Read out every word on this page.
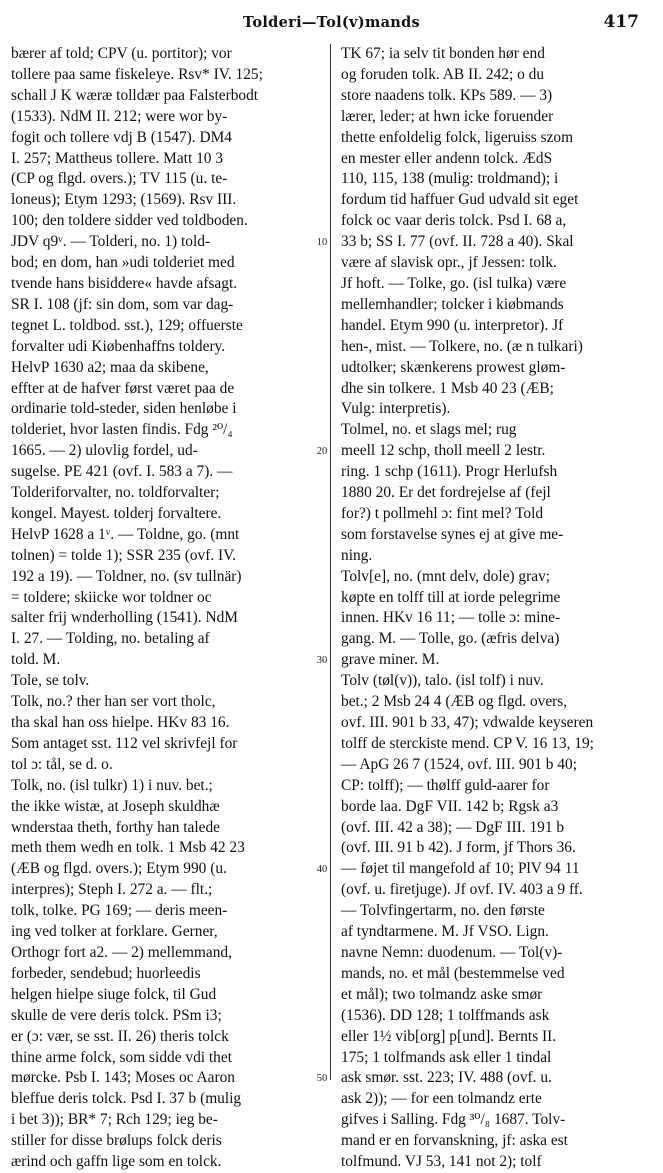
Tolderi—Tol(v)mands	417
bærer af told; CPV (u. portitor); vor
tollere paa same fiskeleye. Rsv* IV. 125;
schall J K wæræ tolldær paa Falsterbodt
(1533). NdM II. 212; were wor by-
fogit och tollere vdj B (1547). DM4
I. 257; Mattheus tollere. Matt 10 3
(CP og flgd. overs.); TV 115 (u. te-
loneus); Etym 1293; (1569). Rsv III.
100; den toldere sidder ved toldboden.
JDV q9ᵛ. — Tolderi, no. 1) told-
bod; en dom, han »udi tolderiet med
tvende hans bisiddere« havde afsagt.
SR I. 108 (jf: sin dom, som var dag-
tegnet L. toldbod. sst.), 129; offuerste
forvalter udi Kiøbenhaffns toldery.
HelvP 1630 a2; maa da skibene,
effter at de hafver først været paa de
ordinarie told-steder, siden henløbe i
tolderiet, hvor lasten findis. Fdg ²⁰/₄
1665. — 2) ulovlig fordel, ud-
sugelse. PE 421 (ovf. I. 583 a 7). —
Tolderiforvalter, no. toldforvalter;
kongel. Mayest. tolderj forvaltere.
HelvP 1628 a 1ᵛ. — Toldne, go. (mnt
tolnen) = tolde 1); SSR 235 (ovf. IV.
192 a 19). — Toldner, no. (sv tullnär)
= toldere; skiicke wor toldner oc
salter frij wnderholling (1541). NdM
I. 27. — Tolding, no. betaling af
told. M.
Tole, se tolv.
Tolk, no.? ther han ser vort tholc,
tha skal han oss hielpe. HKv 83 16.
Som antaget sst. 112 vel skrivfejl for
tol ɔ: tål, se d. o.
Tolk, no. (isl tulkr) 1) i nuv. bet.;
the ikke wistæ, at Joseph skuldhæ
wnderstaa theth, forthy han talede
meth them wedh en tolk. 1 Msb 42 23
(ÆB og flgd. overs.); Etym 990 (u.
interpres); Steph I. 272 a. — flt.;
tolk, tolke. PG 169; — deris meen-
ing ved tolker at forklare. Gerner,
Orthogr fort a2. — 2) mellemmand,
forbeder, sendebud; huorleedis
helgen hielpe siuge folck, til Gud
skulle de vere deris tolck. PSm i3;
er (ɔ: vær, se sst. II. 26) theris tolck
thine arme folck, som sidde vdi thet
mørcke. Psb I. 143; Moses oc Aaron
bleffue deris tolck. Psd I. 37 b (mulig
i bet 3)); BR* 7; Rch 129; ieg be-
stiller for disse brølups folck deris
ærind och gaffn lige som en tolck.
TK 67; ia selv tit bonden hør end
og foruden tolk. AB II. 242; o du
store naadens tolk. KPs 589. — 3)
lærer, leder; at hwn icke foruender
thette enfoldelig folck, ligeruiss szom
en mester eller andenn tolck. ÆdS
110, 115, 138 (mulig: troldmand); i
fordum tid haffuer Gud udvald sit eget
folck oc vaar deris tolck. Psd I. 68 a,
33 b; SS I. 77 (ovf. II. 728 a 40). Skal
være af slavisk opr., jf Jessen: tolk.
Jf hoft. — Tolke, go. (isl tulka) være
mellemhandler; tolcker i kiøbmands
handel. Etym 990 (u. interpretor). Jf
hen-, mist. — Tolkere, no. (æ n tulkari)
udtolker; skænkerens prowest gløm-
dhe sin tolkere. 1 Msb 40 23 (ÆB;
Vulg: interpretis).
Tolmel, no. et slags mel; rug
meell 12 schp, tholl meell 2 lestr.
ring. 1 schp (1611). Progr Herlufsh
1880 20. Er det fordrejelse af (fejl
for?) t pollmehl ɔ: fint mel? Told
som forstavelse synes ej at give me-
ning.
Tolv[e], no. (mnt delv, dole) grav;
køpte en tolff till at iorde pelegrime
innen. HKv 16 11; — tolle ɔ: mine-
gang. M. — Tolle, go. (æfris delva)
grave miner. M.
Tolv (tøl(v)), talo. (isl tolf) i nuv.
bet.; 2 Msb 24 4 (ÆB og flgd. overs,
ovf. III. 901 b 33, 47); vdwalde keyseren
tolff de sterckiste mend. CP V. 16 13, 19;
— ApG 26 7 (1524, ovf. III. 901 b 40;
CP: tolff); — thølff guld-aarer for
borde laa. DgF VII. 142 b; Rgsk a3
(ovf. III. 42 a 38); — DgF III. 191 b
(ovf. III. 91 b 42). J form, jf Thors 36.
— føjet til mangefold af 10; PlV 94 11
(ovf. u. firetjuge). Jf ovf. IV. 403 a 9 ff.
— Tolvfingertarm, no. den første
af tyndtarmene. M. Jf VSO. Lign.
navne Nemn: duodenum. — Tol(v)-
mands, no. et mål (bestemmelse ved
et mål); two tolmandz aske smør
(1536). DD 128; 1 tolffmands ask
eller 1½ vib[org] p[und]. Bernts II.
175; 1 tolfmands ask eller 1 tindal
ask smør. sst. 223; IV. 488 (ovf. u.
ask 2)); — for een tolmandz erte
gifves i Salling. Fdg ³⁰/₈ 1687. Tolv-
mand er en forvanskning, jf: aska est
tolfmund. VJ 53, 141 not 2); tolf
10
20
30
40
50
